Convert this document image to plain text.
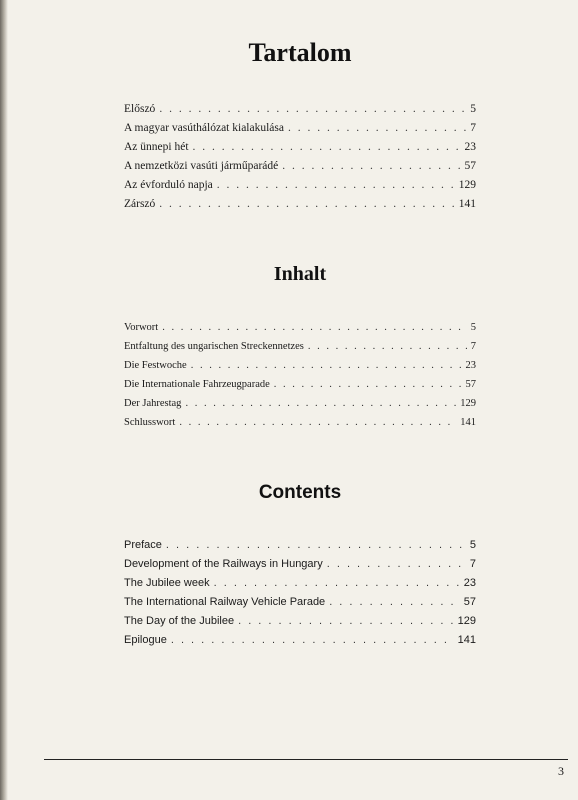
Tartalom
Előszó . . .	5
A magyar vasúthálózat kialakulása . . .	7
Az ünnepi hét . . .	23
A nemzetközi vasúti járműparádé . . .	57
Az évforduló napja . . .	129
Zárszó . . .	141
Inhalt
Vorwort . . .	5
Entfaltung des ungarischen Streckennetzes . . .	7
Die Festwoche . . .	23
Die Internationale Fahrzeugparade . . .	57
Der Jahrestag . . .	129
Schlusswort . . .	141
Contents
Preface . . .	5
Development of the Railways in Hungary . . .	7
The Jubilee week . . .	23
The International Railway Vehicle Parade . . .	57
The Day of the Jubilee . . .	129
Epilogue . . .	141
3
